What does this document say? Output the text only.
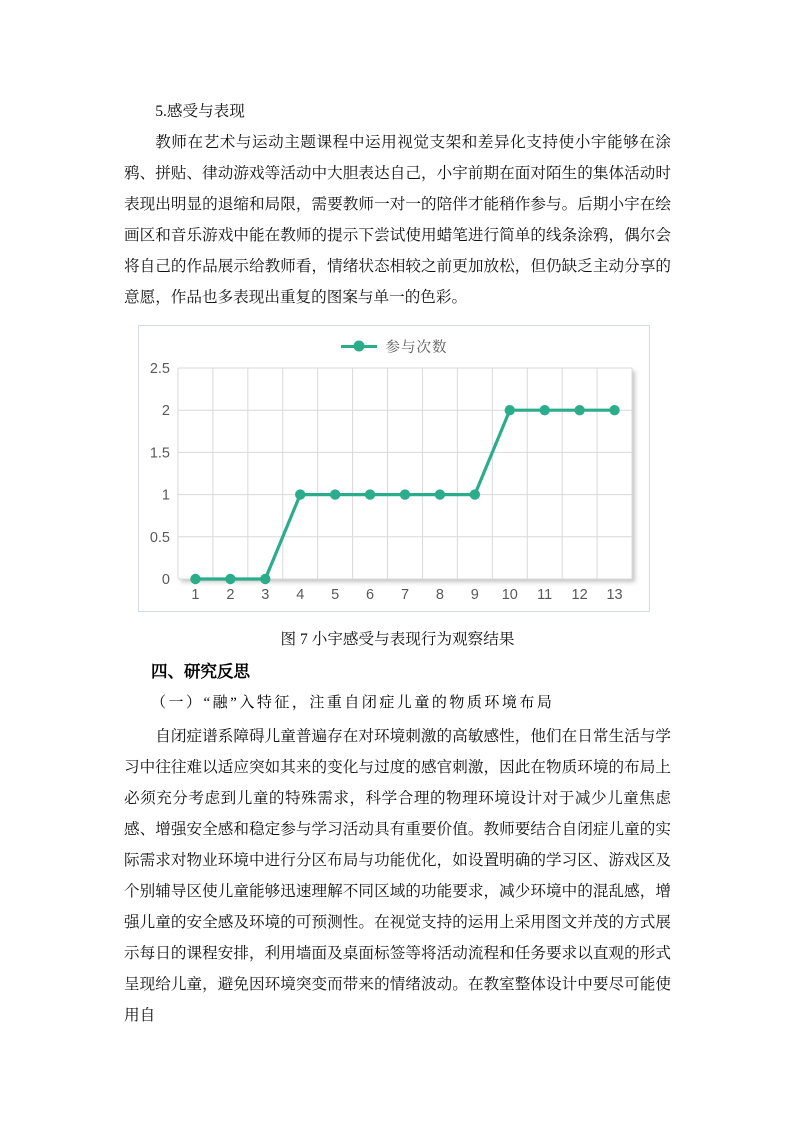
5.感受与表现

教师在艺术与运动主题课程中运用视觉支架和差异化支持使小宇能够在涂鸦、拼贴、律动游戏等活动中大胆表达自己，小宇前期在面对陌生的集体活动时表现出明显的退缩和局限，需要教师一对一的陪伴才能稍作参与。后期小宇在绘画区和音乐游戏中能在教师的提示下尝试使用蜡笔进行简单的线条涂鸦，偶尔会将自己的作品展示给教师看，情绪状态相较之前更加放松，但仍缺乏主动分享的意愿，作品也多表现出重复的图案与单一的色彩。

参与次数
0
0.5
1
1.5
2
2.5
1 2 3 4 5 6 7 8 9 10 11 12 13
图 7 小宇感受与表现行为观察结果
四、研究反思
（一）“融”入特征，注重自闭症儿童的物质环境布局

自闭症谱系障碍儿童普遍存在对环境刺激的高敏感性，他们在日常生活与学习中往往难以适应突如其来的变化与过度的感官刺激，因此在物质环境的布局上必须充分考虑到儿童的特殊需求，科学合理的物理环境设计对于减少儿童焦虑感、增强安全感和稳定参与学习活动具有重要价值。教师要结合自闭症儿童的实际需求对物业环境中进行分区布局与功能优化，如设置明确的学习区、游戏区及个别辅导区使儿童能够迅速理解不同区域的功能要求，减少环境中的混乱感，增强儿童的安全感及环境的可预测性。在视觉支持的运用上采用图文并茂的方式展示每日的课程安排，利用墙面及桌面标签等将活动流程和任务要求以直观的形式呈现给儿童，避免因环境突变而带来的情绪波动。在教室整体设计中要尽可能使用自
